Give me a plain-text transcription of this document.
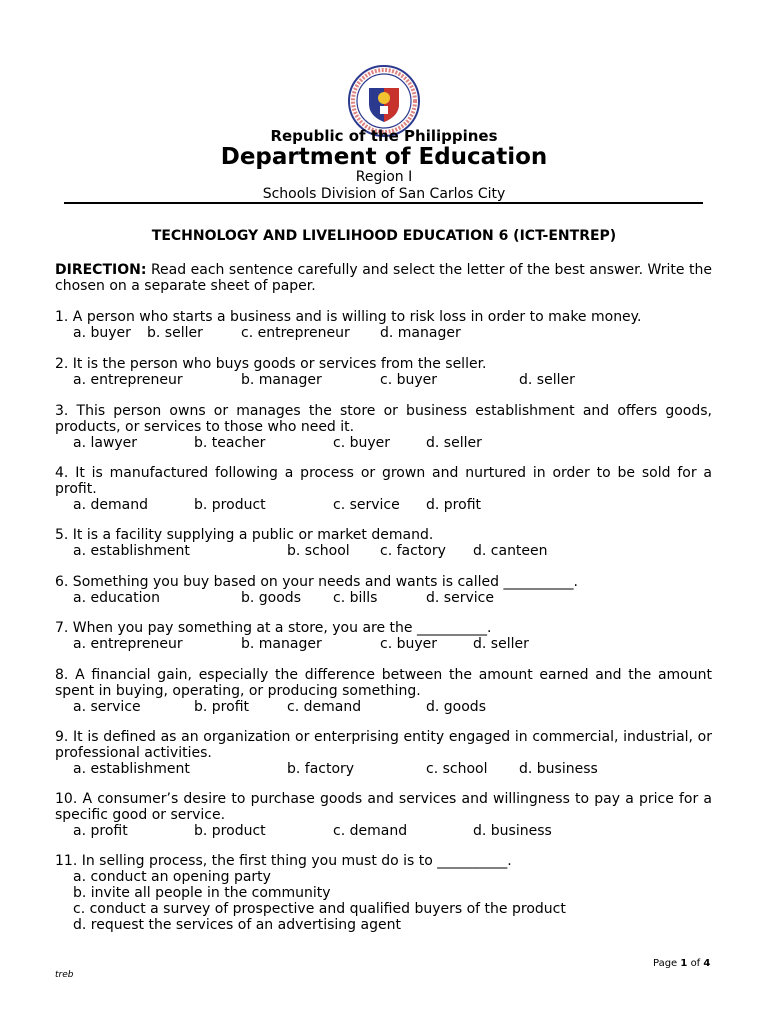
Republic of the Philippines
Department of Education
Region I
Schools Division of San Carlos City
TECHNOLOGY AND LIVELIHOOD EDUCATION 6 (ICT-ENTREP)
DIRECTION: Read each sentence carefully and select the letter of the best answer. Write the chosen on a separate sheet of paper.
1. A person who starts a business and is willing to risk loss in order to make money.
a. buyer b. seller	c. entrepreneur d. manager
2. It is the person who buys goods or services from the seller.
a. entrepreneur	b. manager	c. buyer	d. seller
3. This person owns or manages the store or business establishment and offers goods, products, or services to those who need it.
a. lawyer	b. teacher	c. buyer	d. seller
4. It is manufactured following a process or grown and nurtured in order to be sold for a profit.
a. demand	b. product	c. service d. profit
5. It is a facility supplying a public or market demand.
a. establishment	b. school c. factory d. canteen
6. Something you buy based on your needs and wants is called __________.
a. education	b. goods c. bills	d. service
7. When you pay something at a store, you are the __________.
a. entrepreneur	b. manager	c. buyer	d. seller
8. A financial gain, especially the difference between the amount earned and the amount spent in buying, operating, or producing something.
a. service	b. profit	c. demand	d. goods
9. It is defined as an organization or enterprising entity engaged in commercial, industrial, or professional activities.
a. establishment	b. factory	c. school d. business
10. A consumer’s desire to purchase goods and services and willingness to pay a price for a specific good or service.
a. profit	b. product	c. demand	d. business
11. In selling process, the first thing you must do is to __________.
a. conduct an opening party
b. invite all people in the community
c. conduct a survey of prospective and qualified buyers of the product
d. request the services of an advertising agent
Page 1 of 4
treb
